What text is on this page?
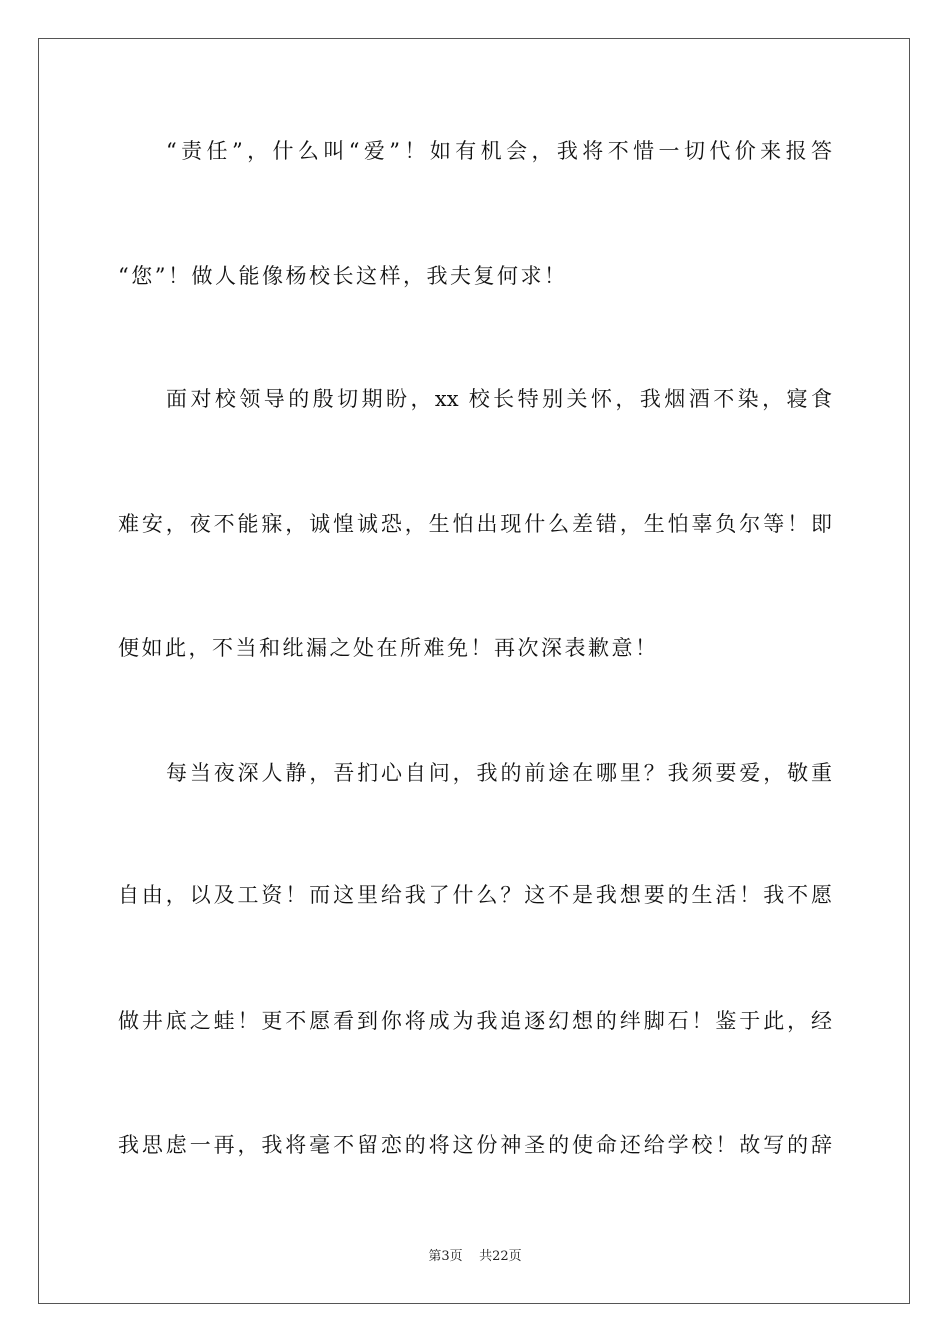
“责任”，什么叫“爱”！如有机会，我将不惜一切代价来报答
“您”！做人能像杨校长这样，我夫复何求！
面对校领导的殷切期盼，xx 校长特别关怀，我烟酒不染，寝食
难安，夜不能寐，诚惶诚恐，生怕出现什么差错，生怕辜负尔等！即
便如此，不当和纰漏之处在所难免！再次深表歉意！
每当夜深人静，吾扪心自问，我的前途在哪里？我须要爱，敬重
自由，以及工资！而这里给我了什么？这不是我想要的生活！我不愿
做井底之蛙！更不愿看到你将成为我追逐幻想的绊脚石！鉴于此，经
我思虑一再，我将毫不留恋的将这份神圣的使命还给学校！故写的辞
第3页 共22页
